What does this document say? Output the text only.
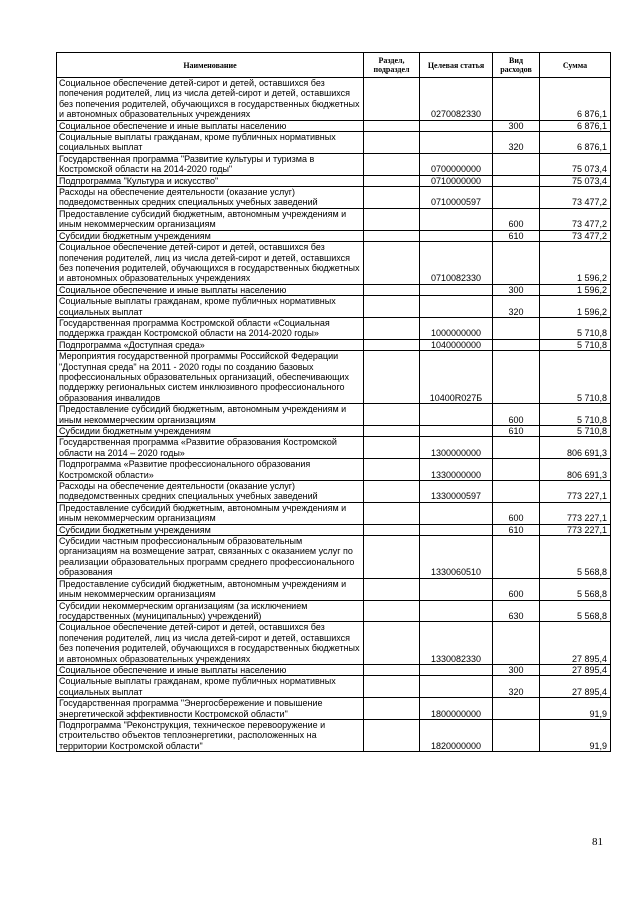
Наименование	Раздел, подраздел	Целевая статья	Вид расходов	Сумма
Социальное обеспечение детей-сирот и детей, оставшихся без попечения родителей, лиц из числа детей-сирот и детей, оставшихся без попечения родителей, обучающихся в государственных бюджетных и автономных образовательных учреждениях		0270082330		6 876,1
Социальное обеспечение и иные выплаты населению			300	6 876,1
Социальные выплаты гражданам, кроме публичных нормативных социальных выплат			320	6 876,1
Государственная программа "Развитие культуры и туризма в Костромской области на 2014-2020 годы"		0700000000		75 073,4
Подпрограмма "Культура и искусство"		0710000000		75 073,4
Расходы на обеспечение деятельности (оказание услуг) подведомственных средних специальных учебных заведений		0710000597		73 477,2
Предоставление субсидий бюджетным, автономным учреждениям и иным некоммерческим организациям			600	73 477,2
Субсидии бюджетным учреждениям			610	73 477,2
Социальное обеспечение детей-сирот и детей, оставшихся без попечения родителей, лиц из числа детей-сирот и детей, оставшихся без попечения родителей, обучающихся в государственных бюджетных и автономных образовательных учреждениях		0710082330		1 596,2
Социальное обеспечение и иные выплаты населению			300	1 596,2
Социальные выплаты гражданам, кроме публичных нормативных социальных выплат			320	1 596,2
Государственная программа Костромской области «Социальная поддержка граждан Костромской области на 2014-2020 годы»		1000000000		5 710,8
Подпрограмма «Доступная среда»		1040000000		5 710,8
Мероприятия государственной программы Российской Федерации "Доступная среда" на 2011 - 2020 годы по созданию базовых профессиональных образовательных организаций, обеспечивающих поддержку региональных систем инклюзивного профессионального образования инвалидов		10400R027Б		5 710,8
Предоставление субсидий бюджетным, автономным учреждениям и иным некоммерческим организациям			600	5 710,8
Субсидии бюджетным учреждениям			610	5 710,8
Государственная программа «Развитие образования Костромской области на 2014 – 2020 годы»		1300000000		806 691,3
Подпрограмма «Развитие профессионального образования Костромской области»		1330000000		806 691,3
Расходы на обеспечение деятельности (оказание услуг) подведомственных средних специальных учебных заведений		1330000597		773 227,1
Предоставление субсидий бюджетным, автономным учреждениям и иным некоммерческим организациям			600	773 227,1
Субсидии бюджетным учреждениям			610	773 227,1
Субсидии частным профессиональным образовательным организациям на возмещение затрат, связанных с оказанием услуг по реализации образовательных программ среднего профессионального образования		1330060510		5 568,8
Предоставление субсидий бюджетным, автономным учреждениям и иным некоммерческим организациям			600	5 568,8
Субсидии некоммерческим организациям (за исключением государственных (муниципальных) учреждений)			630	5 568,8
Социальное обеспечение детей-сирот и детей, оставшихся без попечения родителей, лиц из числа детей-сирот и детей, оставшихся без попечения родителей, обучающихся в государственных бюджетных и автономных образовательных учреждениях		1330082330		27 895,4
Социальное обеспечение и иные выплаты населению			300	27 895,4
Социальные выплаты гражданам, кроме публичных нормативных социальных выплат			320	27 895,4
Государственная программа "Энергосбережение и повышение энергетической эффективности Костромской области"		1800000000		91,9
Подпрограмма "Реконструкция, техническое перевооружение и строительство объектов теплоэнергетики, расположенных на территории Костромской области"		1820000000		91,9
81
